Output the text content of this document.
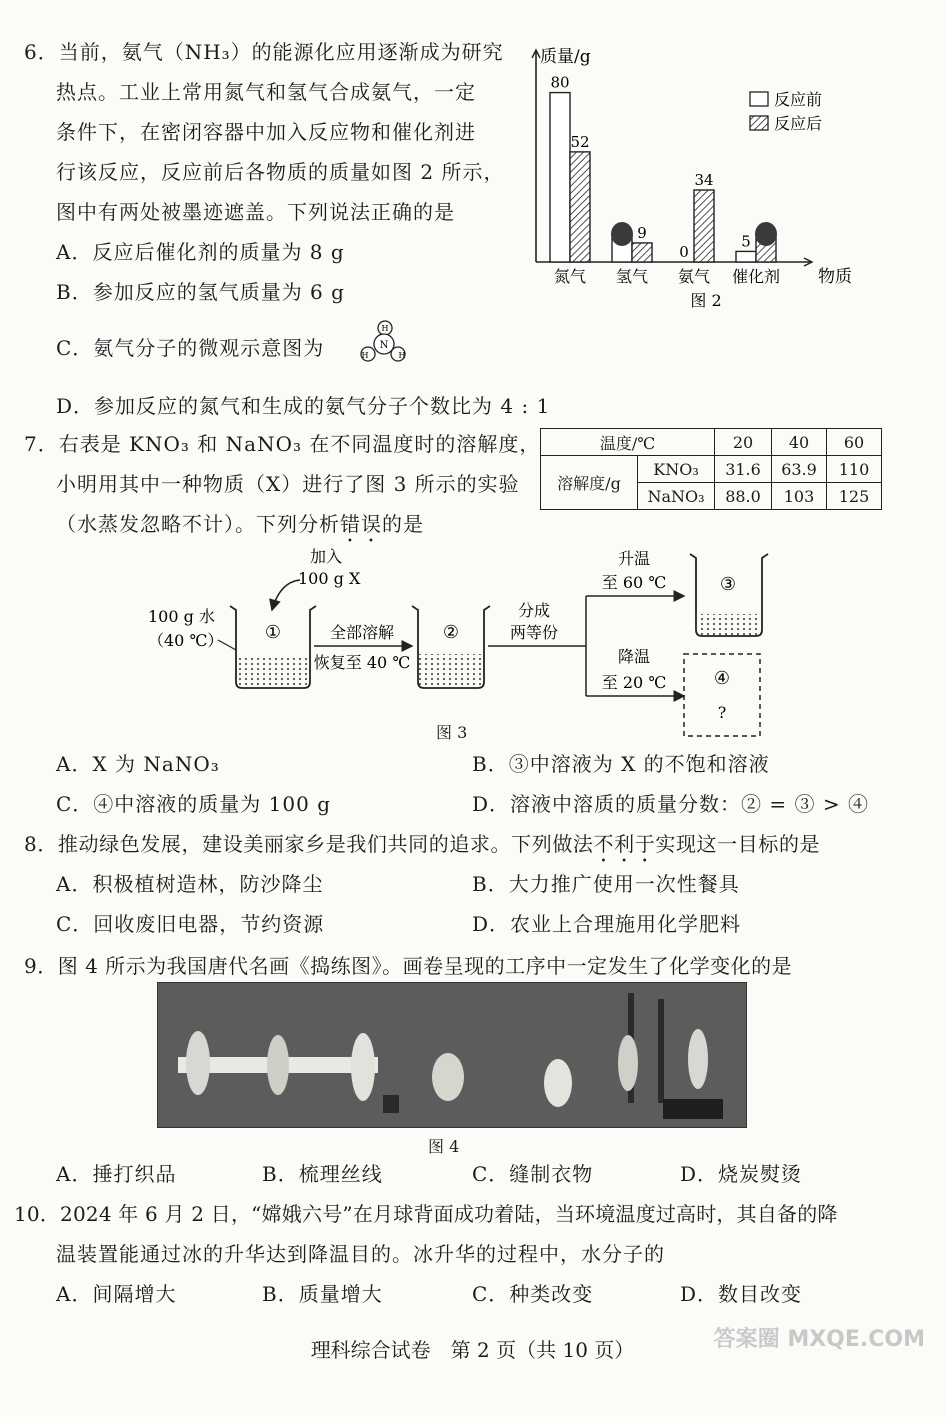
6．当前，氨气（NH₃）的能源化应用逐渐成为研究
热点。工业上常用氮气和氢气合成氨气，一定
条件下，在密闭容器中加入反应物和催化剂进
行该反应，反应前后各物质的质量如图 2 所示，
图中有两处被墨迹遮盖。下列说法正确的是
A．反应后催化剂的质量为 8 g
B．参加反应的氢气质量为 6 g
C．氨气分子的微观示意图为	N
H
H	H
D．参加反应的氮气和生成的氨气分子个数比为 4 : 1
质量/g
物质
图 2
反应前
反应后
80
52
氮气
9
氢气
0
34
氨气
5
催化剂
7．右表是 KNO₃ 和 NaNO₃ 在不同温度时的溶解度，
小明用其中一种物质（X）进行了图 3 所示的实验
（水蒸发忽略不计）。下列分析错误的是
温度/℃		20	40	60
溶解度/g	KNO₃	31.6	63.9	110
	NaNO₃	88.0	103	125
加入
100 g X
100 g 水
（40 ℃） ①	全部溶解
恢复至 40 ℃
②
分成
两等份
升温
至 60 ℃
降温
至 20 ℃
③
④
?
图 3
A．X 为 NaNO₃	B．③中溶液为 X 的不饱和溶液
C．④中溶液的质量为 100 g	D．溶液中溶质的质量分数：② = ③ > ④
8．推动绿色发展，建设美丽家乡是我们共同的追求。下列做法不利于实现这一目标的是
A．积极植树造林，防沙降尘	B．大力推广使用一次性餐具
C．回收废旧电器，节约资源	D．农业上合理施用化学肥料
9．图 4 所示为我国唐代名画《捣练图》。画卷呈现的工序中一定发生了化学变化的是
图 4
A．捶打织品	B．梳理丝线	C．缝制衣物	D．烧炭熨烫
10．2024 年 6 月 2 日，“嫦娥六号”在月球背面成功着陆，当环境温度过高时，其自备的降
温装置能通过冰的升华达到降温目的。冰升华的过程中，水分子的
A．间隔增大	B．质量增大	C．种类改变	D．数目改变
理科综合试卷　第 2 页（共 10 页）	答案圈 MXQE.COM
